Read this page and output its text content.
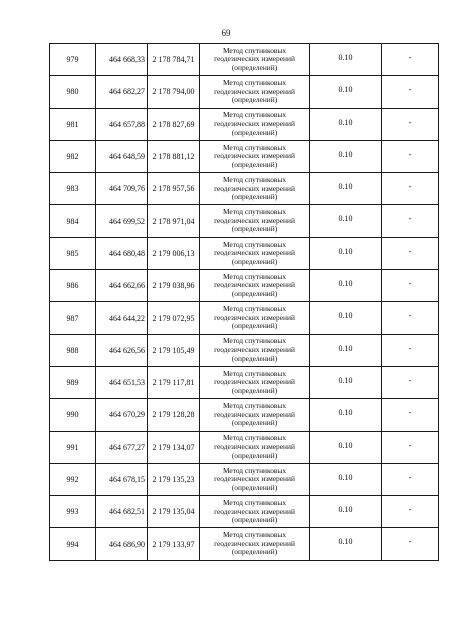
69
979	464 668,33	2 178 784,71	Метод спутниковых геодезических измерений (определений)	0.10	-

980	464 682,27	2 178 794,00	Метод спутниковых геодезических измерений (определений)	0.10	-

981	464 657,88	2 178 827,69	Метод спутниковых геодезических измерений (определений)	0.10	-

982	464 648,59	2 178 881,12	Метод спутниковых геодезических измерений (определений)	0.10	-

983	464 709,76	2 178 957,56	Метод спутниковых геодезических измерений (определений)	0.10	-

984	464 699,52	2 178 971,04	Метод спутниковых геодезических измерений (определений)	0.10	-

985	464 680,48	2 179 006,13	Метод спутниковых геодезических измерений (определений)	0.10	-

986	464 662,66	2 179 038,96	Метод спутниковых геодезических измерений (определений)	0.10	-

987	464 644,22	2 179 072,95	Метод спутниковых геодезических измерений (определений)	0.10	-

988	464 626,56	2 179 105,49	Метод спутниковых геодезических измерений (определений)	0.10	-

989	464 651,53	2 179 117,81	Метод спутниковых геодезических измерений (определений)	0.10	-

990	464 670,29	2 179 128,28	Метод спутниковых геодезических измерений (определений)	0.10	-

991	464 677,27	2 179 134,07	Метод спутниковых геодезических измерений (определений)	0.10	-

992	464 678,15	2 179 135,23	Метод спутниковых геодезических измерений (определений)	0.10	-

993	464 682,51	2 179 135,04	Метод спутниковых геодезических измерений (определений)	0.10	-

994	464 686,90	2 179 133,97	Метод спутниковых геодезических измерений (определений)	0.10	-
